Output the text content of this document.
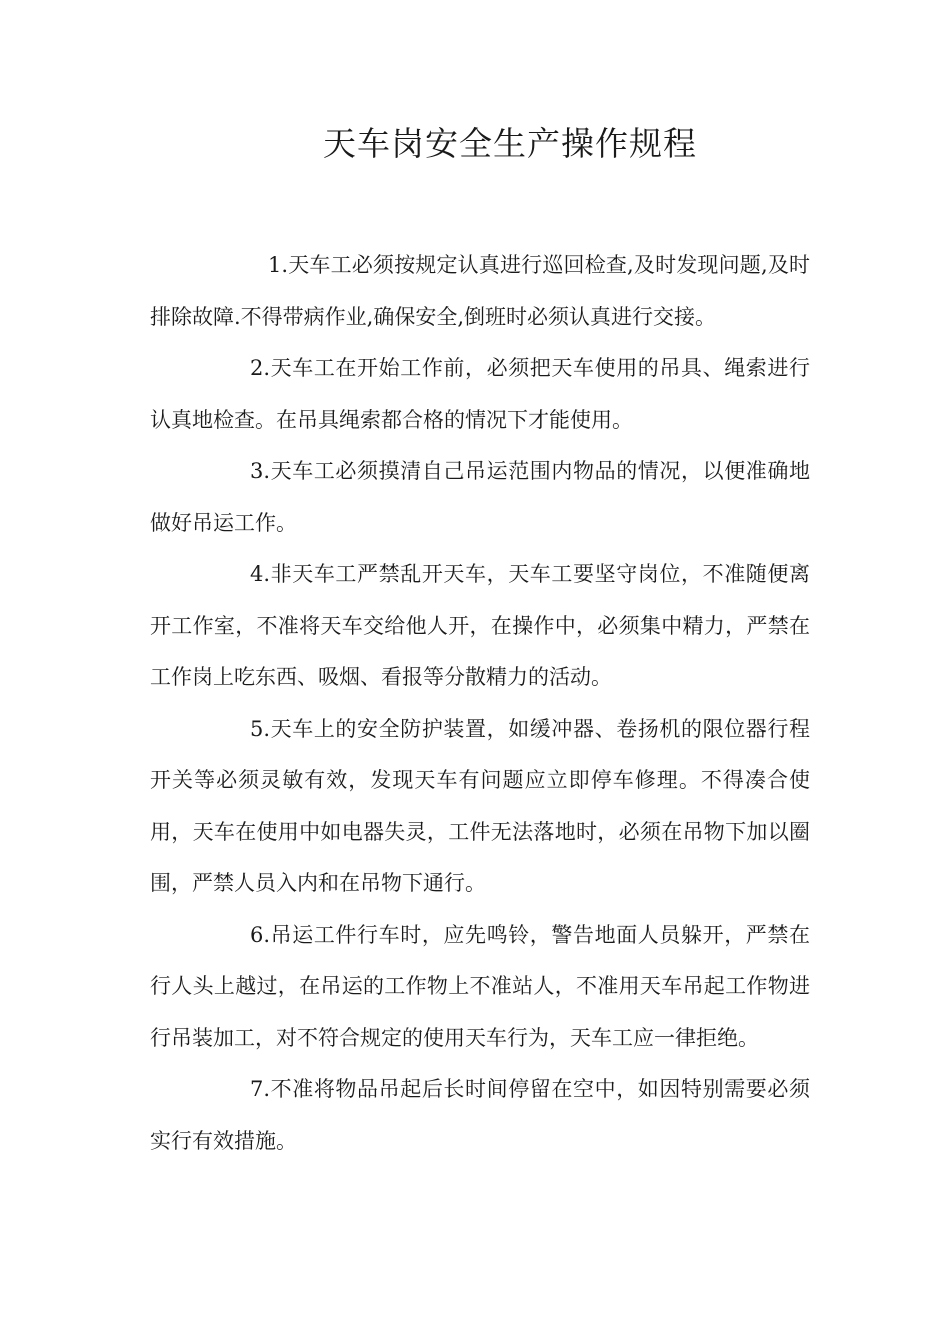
天车岗安全生产操作规程

1.天车工必须按规定认真进行巡回检查,及时发现问题,及时排除故障.不得带病作业,确保安全,倒班时必须认真进行交接。

2.天车工在开始工作前，必须把天车使用的吊具、绳索进行认真地检查。在吊具绳索都合格的情况下才能使用。

3.天车工必须摸清自己吊运范围内物品的情况，以便准确地做好吊运工作。

4.非天车工严禁乱开天车，天车工要坚守岗位，不准随便离开工作室，不准将天车交给他人开，在操作中，必须集中精力，严禁在工作岗上吃东西、吸烟、看报等分散精力的活动。

5.天车上的安全防护装置，如缓冲器、卷扬机的限位器行程开关等必须灵敏有效，发现天车有问题应立即停车修理。不得凑合使用，天车在使用中如电器失灵，工件无法落地时，必须在吊物下加以圈围，严禁人员入内和在吊物下通行。

6.吊运工件行车时，应先鸣铃，警告地面人员躲开，严禁在行人头上越过，在吊运的工作物上不准站人，不准用天车吊起工作物进行吊装加工，对不符合规定的使用天车行为，天车工应一律拒绝。

7.不准将物品吊起后长时间停留在空中，如因特别需要必须实行有效措施。
